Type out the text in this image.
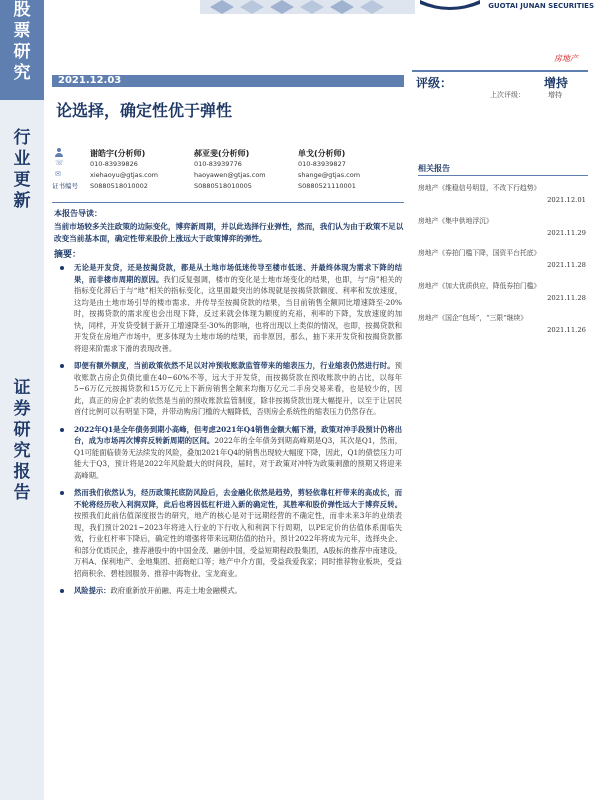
股
票
研
究
行
业
更
新
证
券
研
究
报
告
GUOTAI JUNAN SECURITIES
房地产
2021.12.03
论选择，确定性优于弹性
评级：	增持
上次评级：	增持
☏
✉
证书编号
谢皓宇(分析师)
010-83939826
xiehaoyu@gtjas.com
S0880518010002
郝亚斐(分析师)
010-83939776
haoyawen@gtjas.com
S0880518010005
单戈(分析师)
010-83939827
shange@gtjas.com
S0880521110001
本报告导读：
当前市场较多关注政策的边际变化，博弈新周期，并以此选择行业弹性，然而，我们认为由于政策不足以改变当前基本面，确定性带来股价上涨远大于政策博弈的弹性。
摘要：
无论是开发贷，还是按揭贷款，都是从土地市场低迷传导至楼市低迷、并最终体现为需求下降的结果，而非楼市周期的原因。我们反复强调，楼市的变化是土地市场变化的结果，也即，与“房”相关的指标变化滞后于与“地”相关的指标变化，这里面最突出的体现就是按揭贷款额度、利率和发放速度，这均是由土地市场引导的楼市需求、并传导至按揭贷款的结果，当目前销售全额同比增速降至-20%时，按揭贷款的需求度也会出现下降，反过来就会体现为额度的充裕，利率的下降，发放速度的加快，同样，开发贷受制于新开工增速降至-30%的影响，也将出现以上类似的情况，也即，按揭贷款和开发贷在房地产市场中，更多体现为土地市场的结果，而非原因，那么，抽下来开发贷和按揭贷款都将迎来阶需求下滑的表现改善。
即便有额外额度，当前政策依然不足以对冲预收账款监管带来的缩表压力，行业缩表仍然进行时。预收账款占房企负债比重在40~60%不等，远大于开发贷，而按揭贷款在预收账款中的占比，以每年5~6万亿元按揭贷款和15万亿元上下新房销售全额来均衡万亿元二手房交易来看，也是较少的，因此，真正的房企扩表的依然是当前的预收账款监管制度，除非按揭贷款出现大幅提升，以至于让居民首付比例可以有明显下降，并带动购房门槛的大幅降低，否则房企系统性的缩表压力仍然存在。
2022年Q1是全年债务到期小高峰，但考虑2021年Q4销售金额大幅下滑，政策对冲手段预计仍将出台，成为市场再次博弈反转新周期的区间。2022年的全年债务到期高峰期是Q3，其次是Q1，然而，Q1可能面临债务无法续发的风险，叠加2021年Q4的销售出现较大幅度下降，因此，Q1的债偿压力可能大于Q3，预计将是2022年风险最大的时间段，届时，对于政策对冲特为政策刺激的预期又将迎来高峰期。
然而我们依然认为，经历政策托底防风险后，去金融化依然是趋势，剪轻依靠杠杆带来的高成长，而不轮将经历收入利润双降，此后也将因低杠杆进入新的确定性，其胜率和股价弹性远大于博弈反转。按照我们此前估值深度报告的研究，地产的核心是对于远期经营的不确定性，而非未来3年的业绩表现，我们预计2021~2023年将进入行业的下行收入和利润下行周期，以PE定价的估值体系面临失效，行业杠杆率下降后，确定性的增强将带来远期估值的抬升，预计2022年将成为元年，选择央企、和部分优质民企，推荐港股中的中国金茂、融创中国，受益短期程政股集团，A股标的推荐中南建设，万科A、保利地产、金地集团、招商蛇口等；地产中介方面，受益我爱我家；同时推荐物业板块，受益招商积余、碧桂园服务、推荐中海物业、宝龙商业。
风险提示：政府重新放开前融、再走土地金融模式。
相关报告
房地产《维稳信号明显，不改下行趋势》
2021.12.01
房地产《集中供地浮沉》
2021.11.29
房地产《券拍门槛下降，国资平台托底》
2021.11.28
房地产《加大优质供应，降低券拍门槛》
2021.11.28
房地产《国企“包场”，“三限”继续》
2021.11.26
